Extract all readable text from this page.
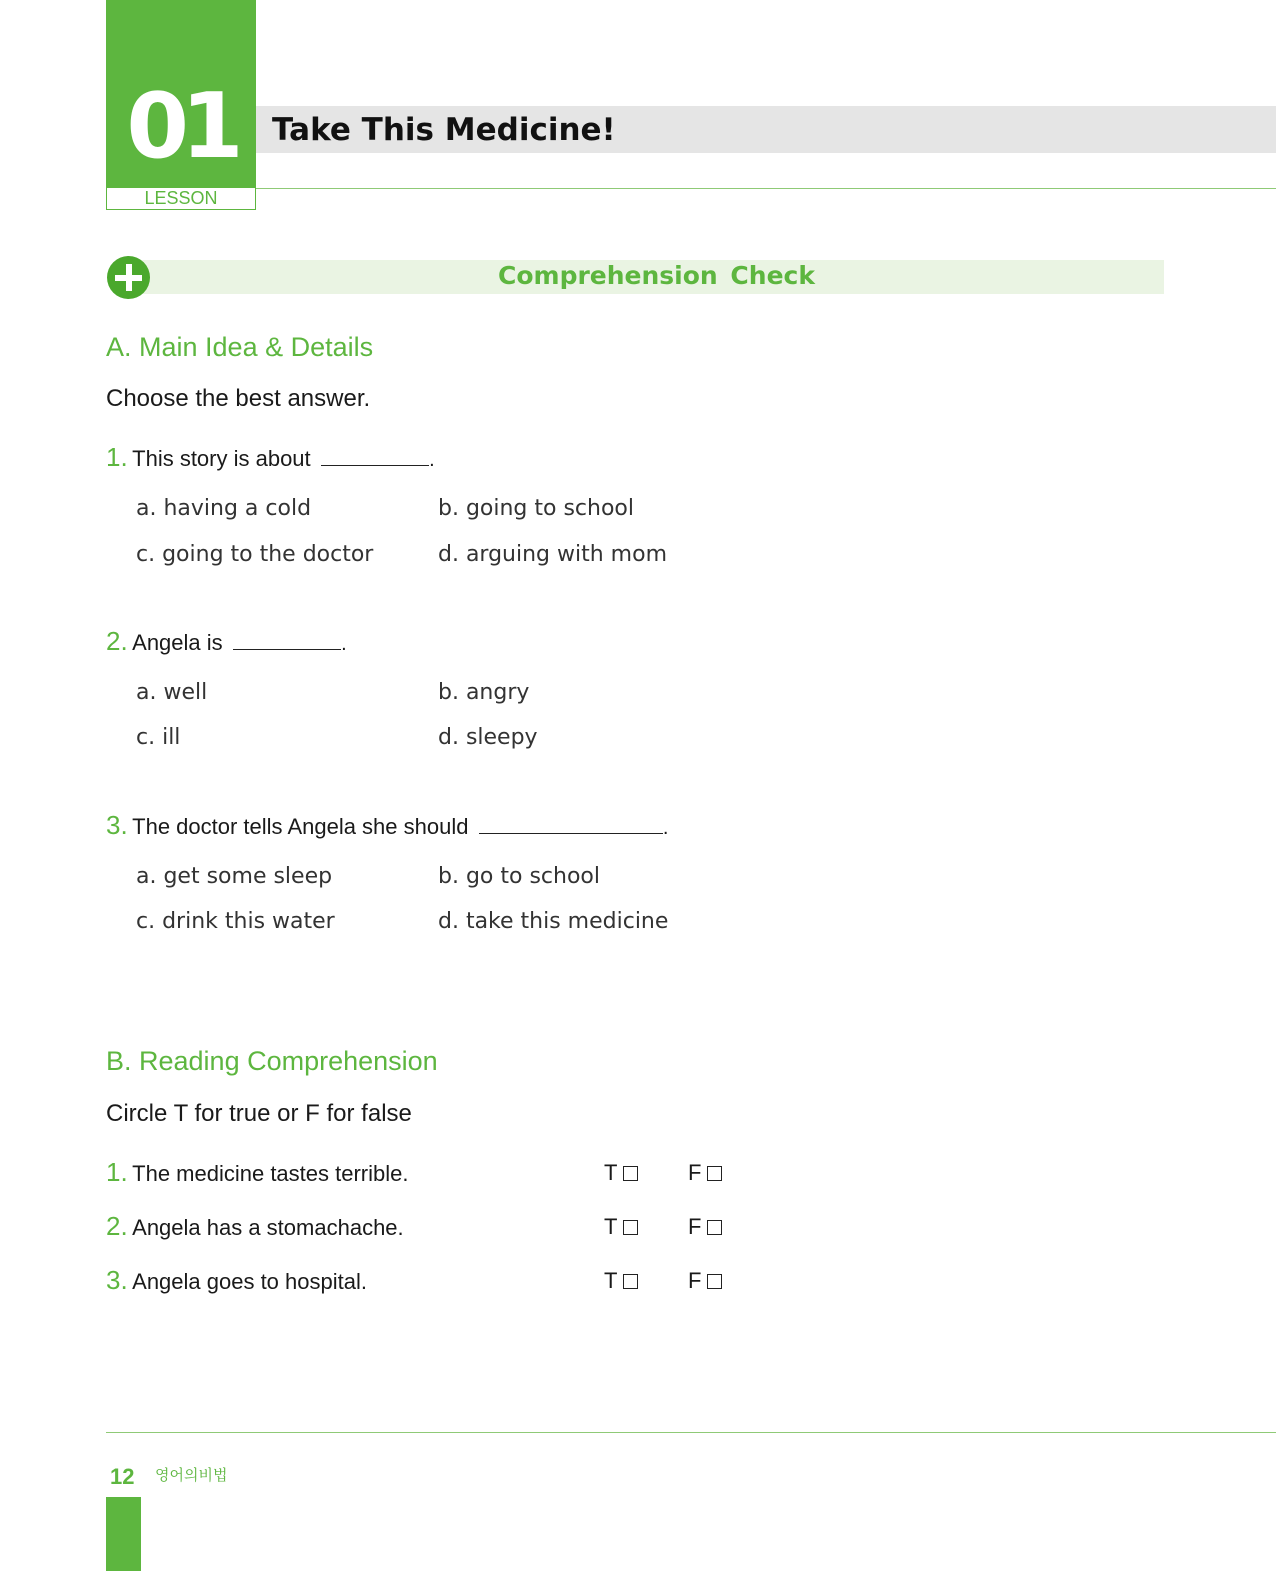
01
LESSON
Take This Medicine!
Comprehension Check
A. Main Idea & Details
Choose the best answer.
1. This story is about	.
a. having a cold	b. going to school
c. going to the doctor	d. arguing with mom
2. Angela is	.
a. well	b. angry
c. ill	d. sleepy
3. The doctor tells Angela she should	.
a. get some sleep	b. go to school
c. drink this water	d. take this medicine
B. Reading Comprehension
Circle T for true or F for false
1. The medicine tastes terrible.	T	F
2. Angela has a stomachache.	T	F
3. Angela goes to hospital.	T	F
12 영어의비법
